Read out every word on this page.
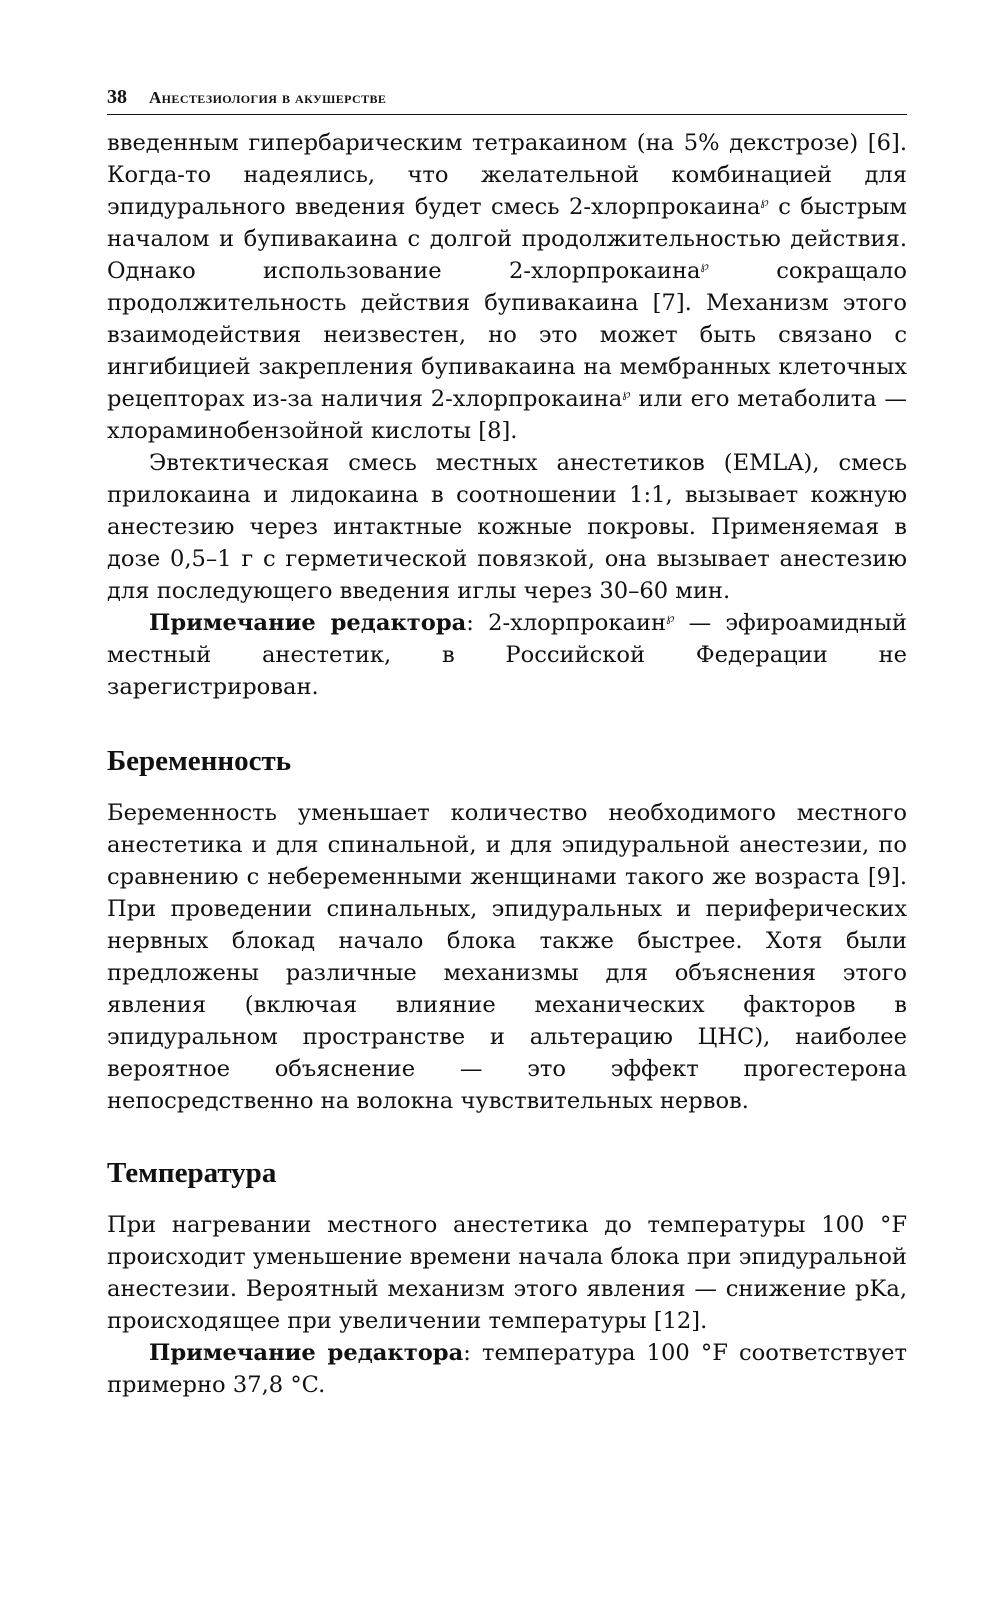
38 Анестезиология в акушерстве

введенным гипербарическим тетракаином (на 5% декстрозе) [6]. Когда-то надеялись, что желательной комбинацией для эпидурального введения будет смесь 2-хлорпрокаина℘ с быстрым началом и бупивакаина с долгой продолжительностью действия. Однако использование 2-хлорпрокаина℘ сокращало продолжительность действия бупивакаина [7]. Механизм этого взаимодействия неизвестен, но это может быть связано с ингибицией закрепления бупивакаина на мембранных клеточных рецепторах из-за наличия 2-хлорпрокаина℘ или его метаболита — хлораминобензойной кислоты [8].

Эвтектическая смесь местных анестетиков (EMLA), смесь прилокаина и лидокаина в соотношении 1:1, вызывает кожную анестезию через интактные кожные покровы. Применяемая в дозе 0,5–1 г с герметической повязкой, она вызывает анестезию для последующего введения иглы через 30–60 мин.

Примечание редактора: 2-хлорпрокаин℘ — эфироамидный местный анестетик, в Российской Федерации не зарегистрирован.

Беременность

Беременность уменьшает количество необходимого местного анестетика и для спинальной, и для эпидуральной анестезии, по сравнению с небеременными женщинами такого же возраста [9]. При проведении спинальных, эпидуральных и периферических нервных блокад начало блока также быстрее. Хотя были предложены различные механизмы для объяснения этого явления (включая влияние механических факторов в эпидуральном пространстве и альтерацию ЦНС), наиболее вероятное объяснение — это эффект прогестерона непосредственно на волокна чувствительных нервов.

Температура

При нагревании местного анестетика до температуры 100 °F происходит уменьшение времени начала блока при эпидуральной анестезии. Вероятный механизм этого явления — снижение pKa, происходящее при увеличении температуры [12].

Примечание редактора: температура 100 °F соответствует примерно 37,8 °C.
